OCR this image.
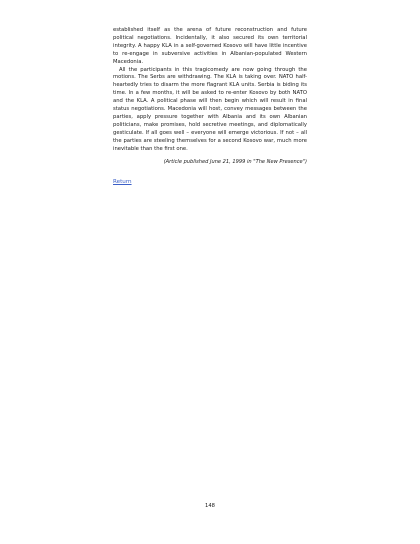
established itself as the arena of future reconstruction and future political negotiations. Incidentally, it also secured its own territorial integrity. A happy KLA in a self-governed Kosovo will have little incentive to re-engage in subversive activities in Albanian-populated Western Macedonia.

All the participants in this tragicomedy are now going through the motions. The Serbs are withdrawing. The KLA is taking over. NATO half-heartedly tries to disarm the more flagrant KLA units. Serbia is biding its time. In a few months, it will be asked to re-enter Kosovo by both NATO and the KLA. A political phase will then begin which will result in final status negotiations. Macedonia will host, convey messages between the parties, apply pressure together with Albania and its own Albanian politicians, make promises, hold secretive meetings, and diplomatically gesticulate. If all goes well – everyone will emerge victorious. If not – all the parties are steeling themselves for a second Kosovo war, much more inevitable than the first one.

(Article published June 21, 1999 in "The New Presence")

Return
148
